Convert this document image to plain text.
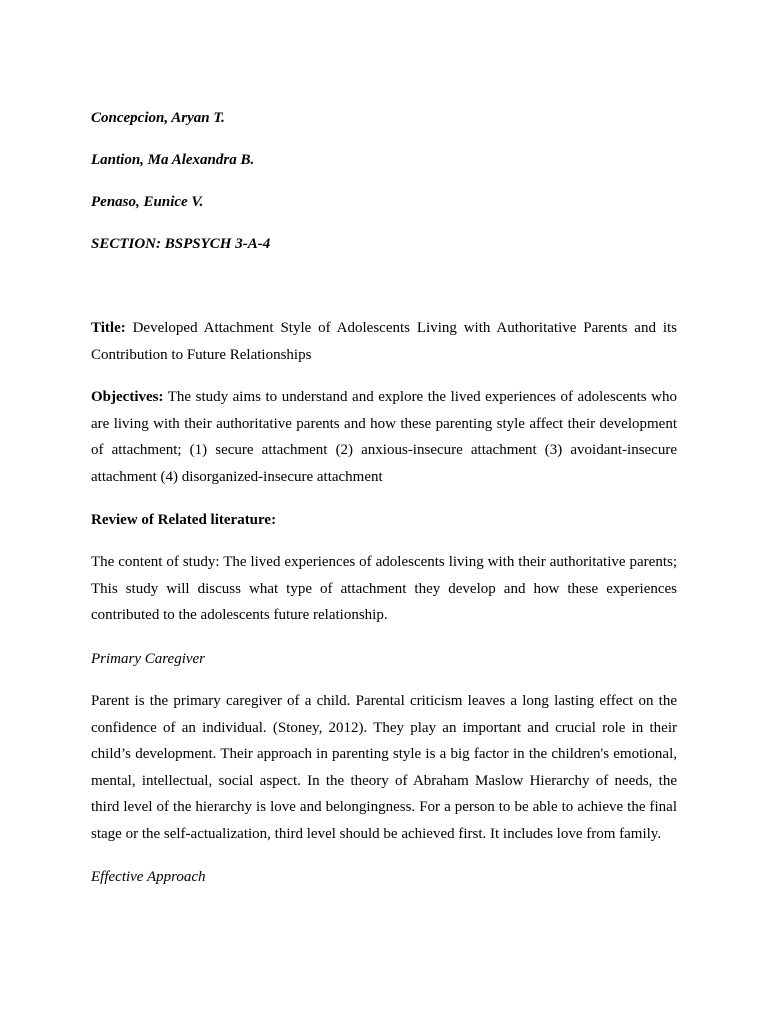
Concepcion, Aryan T.
Lantion, Ma Alexandra B.
Penaso, Eunice V.
SECTION: BSPSYCH 3-A-4
Title: Developed Attachment Style of Adolescents Living with Authoritative Parents and its
Contribution to Future Relationships
Objectives: The study aims to understand and explore the lived experiences of adolescents who
are living with their authoritative parents and how these parenting style affect their development
of attachment; (1) secure attachment (2) anxious-insecure attachment (3) avoidant-insecure
attachment (4) disorganized-insecure attachment
Review of Related literature:
The content of study: The lived experiences of adolescents living with their authoritative parents;
This study will discuss what type of attachment they develop and how these experiences
contributed to the adolescents future relationship.
Primary Caregiver
Parent is the primary caregiver of a child. Parental criticism leaves a long lasting effect on the
confidence of an individual. (Stoney, 2012). They play an important and crucial role in their
child’s development. Their approach in parenting style is a big factor in the children's emotional,
mental, intellectual, social aspect. In the theory of Abraham Maslow Hierarchy of needs, the
third level of the hierarchy is love and belongingness. For a person to be able to achieve the final
stage or the self-actualization, third level should be achieved first. It includes love from family.
Effective Approach
